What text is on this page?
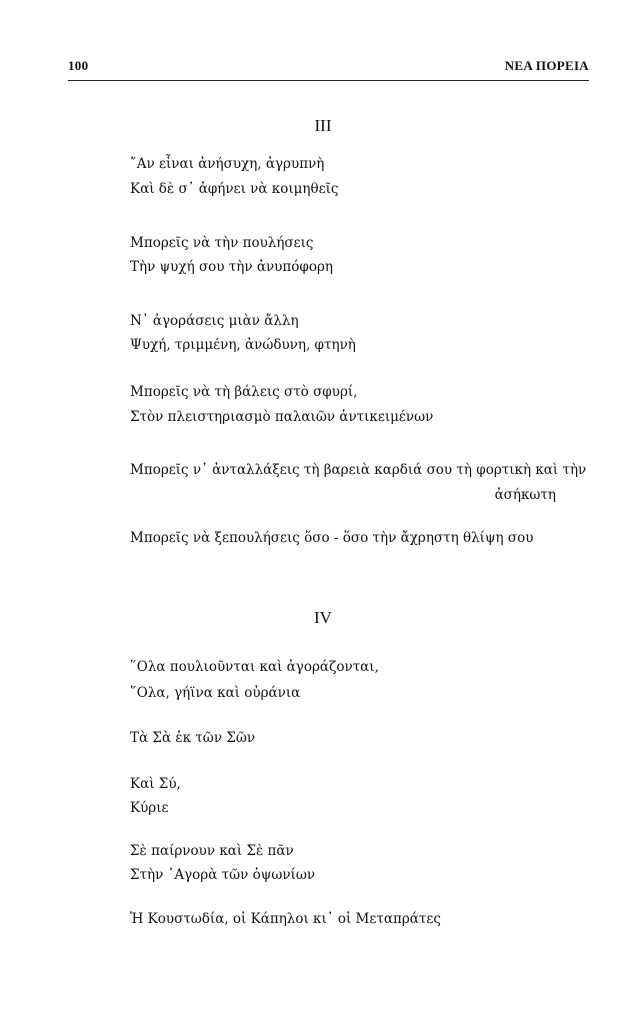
100	ΝΕΑ ΠΟΡΕΙΑ
III
῎Αν εἶναι ἀνήσυχη, ἀγρυπνὴ
Καὶ δὲ σ᾽ ἀφήνει νὰ κοιμηθεῖς
Μπορεῖς νὰ τὴν πουλήσεις
Τὴν ψυχή σου τὴν ἀνυπόφορη
Ν᾽ ἀγοράσεις μιὰν ἄλλη
Ψυχή, τριμμένη, ἀνώδυνη, φτηνὴ
Μπορεῖς νὰ τὴ βάλεις στὸ σφυρί,
Στὸν πλειστηριασμὸ παλαιῶν ἀντικειμένων
Μπορεῖς ν᾽ ἀνταλλάξεις τὴ βαρειὰ καρδιά σου τὴ φορτικὴ καὶ τὴν
ἀσήκωτη
Μπορεῖς νὰ ξεπουλήσεις ὅσο - ὅσο τὴν ἄχρηστη θλίψη σου
IV
῞Ολα πουλιοῦνται καὶ ἀγοράζονται,
῞Ολα, γήϊνα καὶ οὐράνια
Τὰ Σὰ ἐκ τῶν Σῶν
Καὶ Σύ,
Κύριε
Σὲ παίρνουν καὶ Σὲ πᾶν
Στὴν ᾽Αγορὰ τῶν ὀψωνίων
Ἡ Κουστωδία, οἱ Κάπηλοι κι᾽ οἱ Μεταπράτες
